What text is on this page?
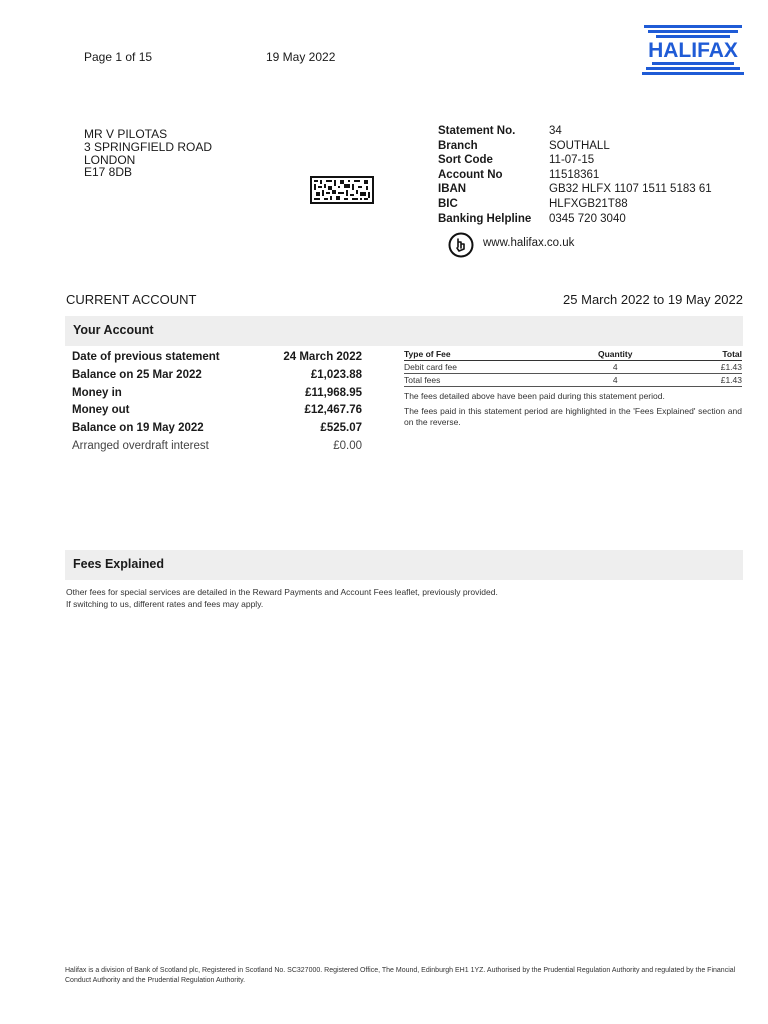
Page 1 of 15	19 May 2022	HALIFAX
MR V PILOTAS
3 SPRINGFIELD ROAD
LONDON
E17 8DB
Statement No.	34
Branch	SOUTHALL
Sort Code	11-07-15
Account No	11518361
IBAN	GB32 HLFX 1107 1511 5183 61
BIC	HLFXGB21T88
Banking Helpline 0345 720 3040
www.halifax.co.uk
CURRENT ACCOUNT	25 March 2022 to 19 May 2022
Your Account
Date of previous statement	24 March 2022
Balance on 25 Mar 2022	£1,023.88
Money in	£11,968.95
Money out	£12,467.76
Balance on 19 May 2022	£525.07
Arranged overdraft interest	£0.00
Type of Fee	Quantity	Total
Debit card fee	4	£1.43
Total fees	4	£1.43

The fees detailed above have been paid during this statement period.

The fees paid in this statement period are highlighted in the 'Fees Explained' section and on the reverse.

Fees Explained
Other fees for special services are detailed in the Reward Payments and Account Fees leaflet, previously provided.
If switching to us, different rates and fees may apply.
Halifax is a division of Bank of Scotland plc, Registered in Scotland No. SC327000. Registered Office, The Mound, Edinburgh EH1 1YZ. Authorised by the Prudential Regulation Authority and regulated by the Financial Conduct Authority and the Prudential Regulation Authority.
